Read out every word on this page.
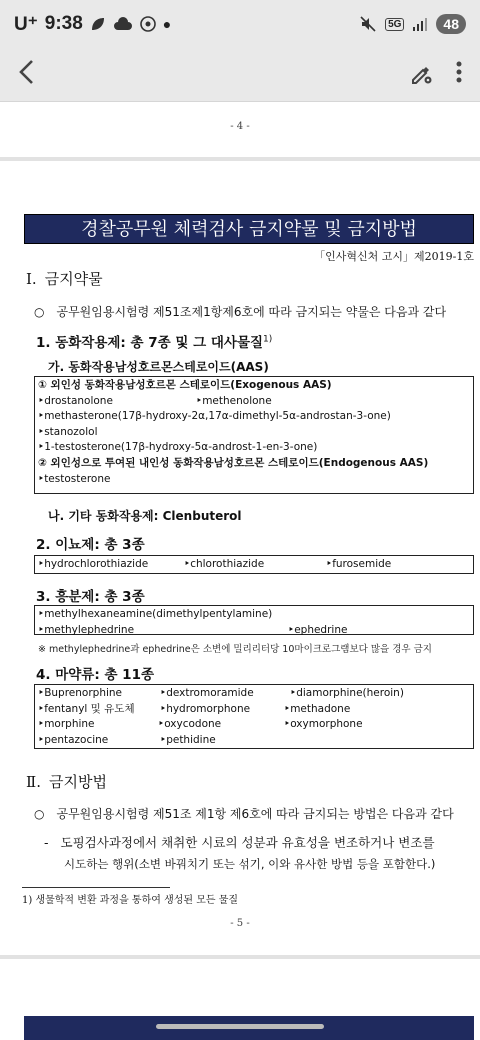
U⁺ 9:38	●	5G	48
- 4 -
경찰공무원 체력검사 금지약물 및 금지방법
「인사혁신처 고시」제2019-1호
Ⅰ. 금지약물
○ 공무원임용시험령 제51조제1항제6호에 따라 금지되는 약물은 다음과 같다
1. 동화작용제: 총 7종 및 그 대사물질$^{1)}$
가. 동화작용남성호르몬스테로이드(AAS)
① 외인성 동화작용남성호르몬 스테로이드(Exogenous AAS)
‣drostanolone	‣methenolone
‣methasterone(17β-hydroxy-2α,17α-dimethyl-5α-androstan-3-one)
‣stanozolol
‣1-testosterone(17β-hydroxy-5α-androst-1-en-3-one)
② 외인성으로 투여된 내인성 동화작용남성호르몬 스테로이드(Endogenous AAS)
‣testosterone
나. 기타 동화작용제: Clenbuterol
2. 이뇨제: 총 3종
‣hydrochlorothiazide	‣chlorothiazide	‣furosemide
3. 흥분제: 총 3종
‣methylhexaneamine(dimethylpentylamine)
‣methylephedrine	‣ephedrine
※ methylephedrine과 ephedrine은 소변에 밀리리터당 10마이크로그램보다 많을 경우 금지
4. 마약류: 총 11종
‣Buprenorphine	‣dextromoramide	‣diamorphine(heroin)
‣fentanyl 및 유도체 ‣hydromorphone	‣methadone
‣morphine	‣oxycodone	‣oxymorphone
‣pentazocine	‣pethidine
Ⅱ. 금지방법
○ 공무원임용시험령 제51조 제1항 제6호에 따라 금지되는 방법은 다음과 같다
- 도핑검사과정에서 채취한 시료의 성분과 유효성을 변조하거나 변조를
시도하는 행위(소변 바꿔치기 또는 섞기, 이와 유사한 방법 등을 포함한다.)
1) 생물학적 변환 과정을 통하여 생성된 모든 물질
- 5 -
